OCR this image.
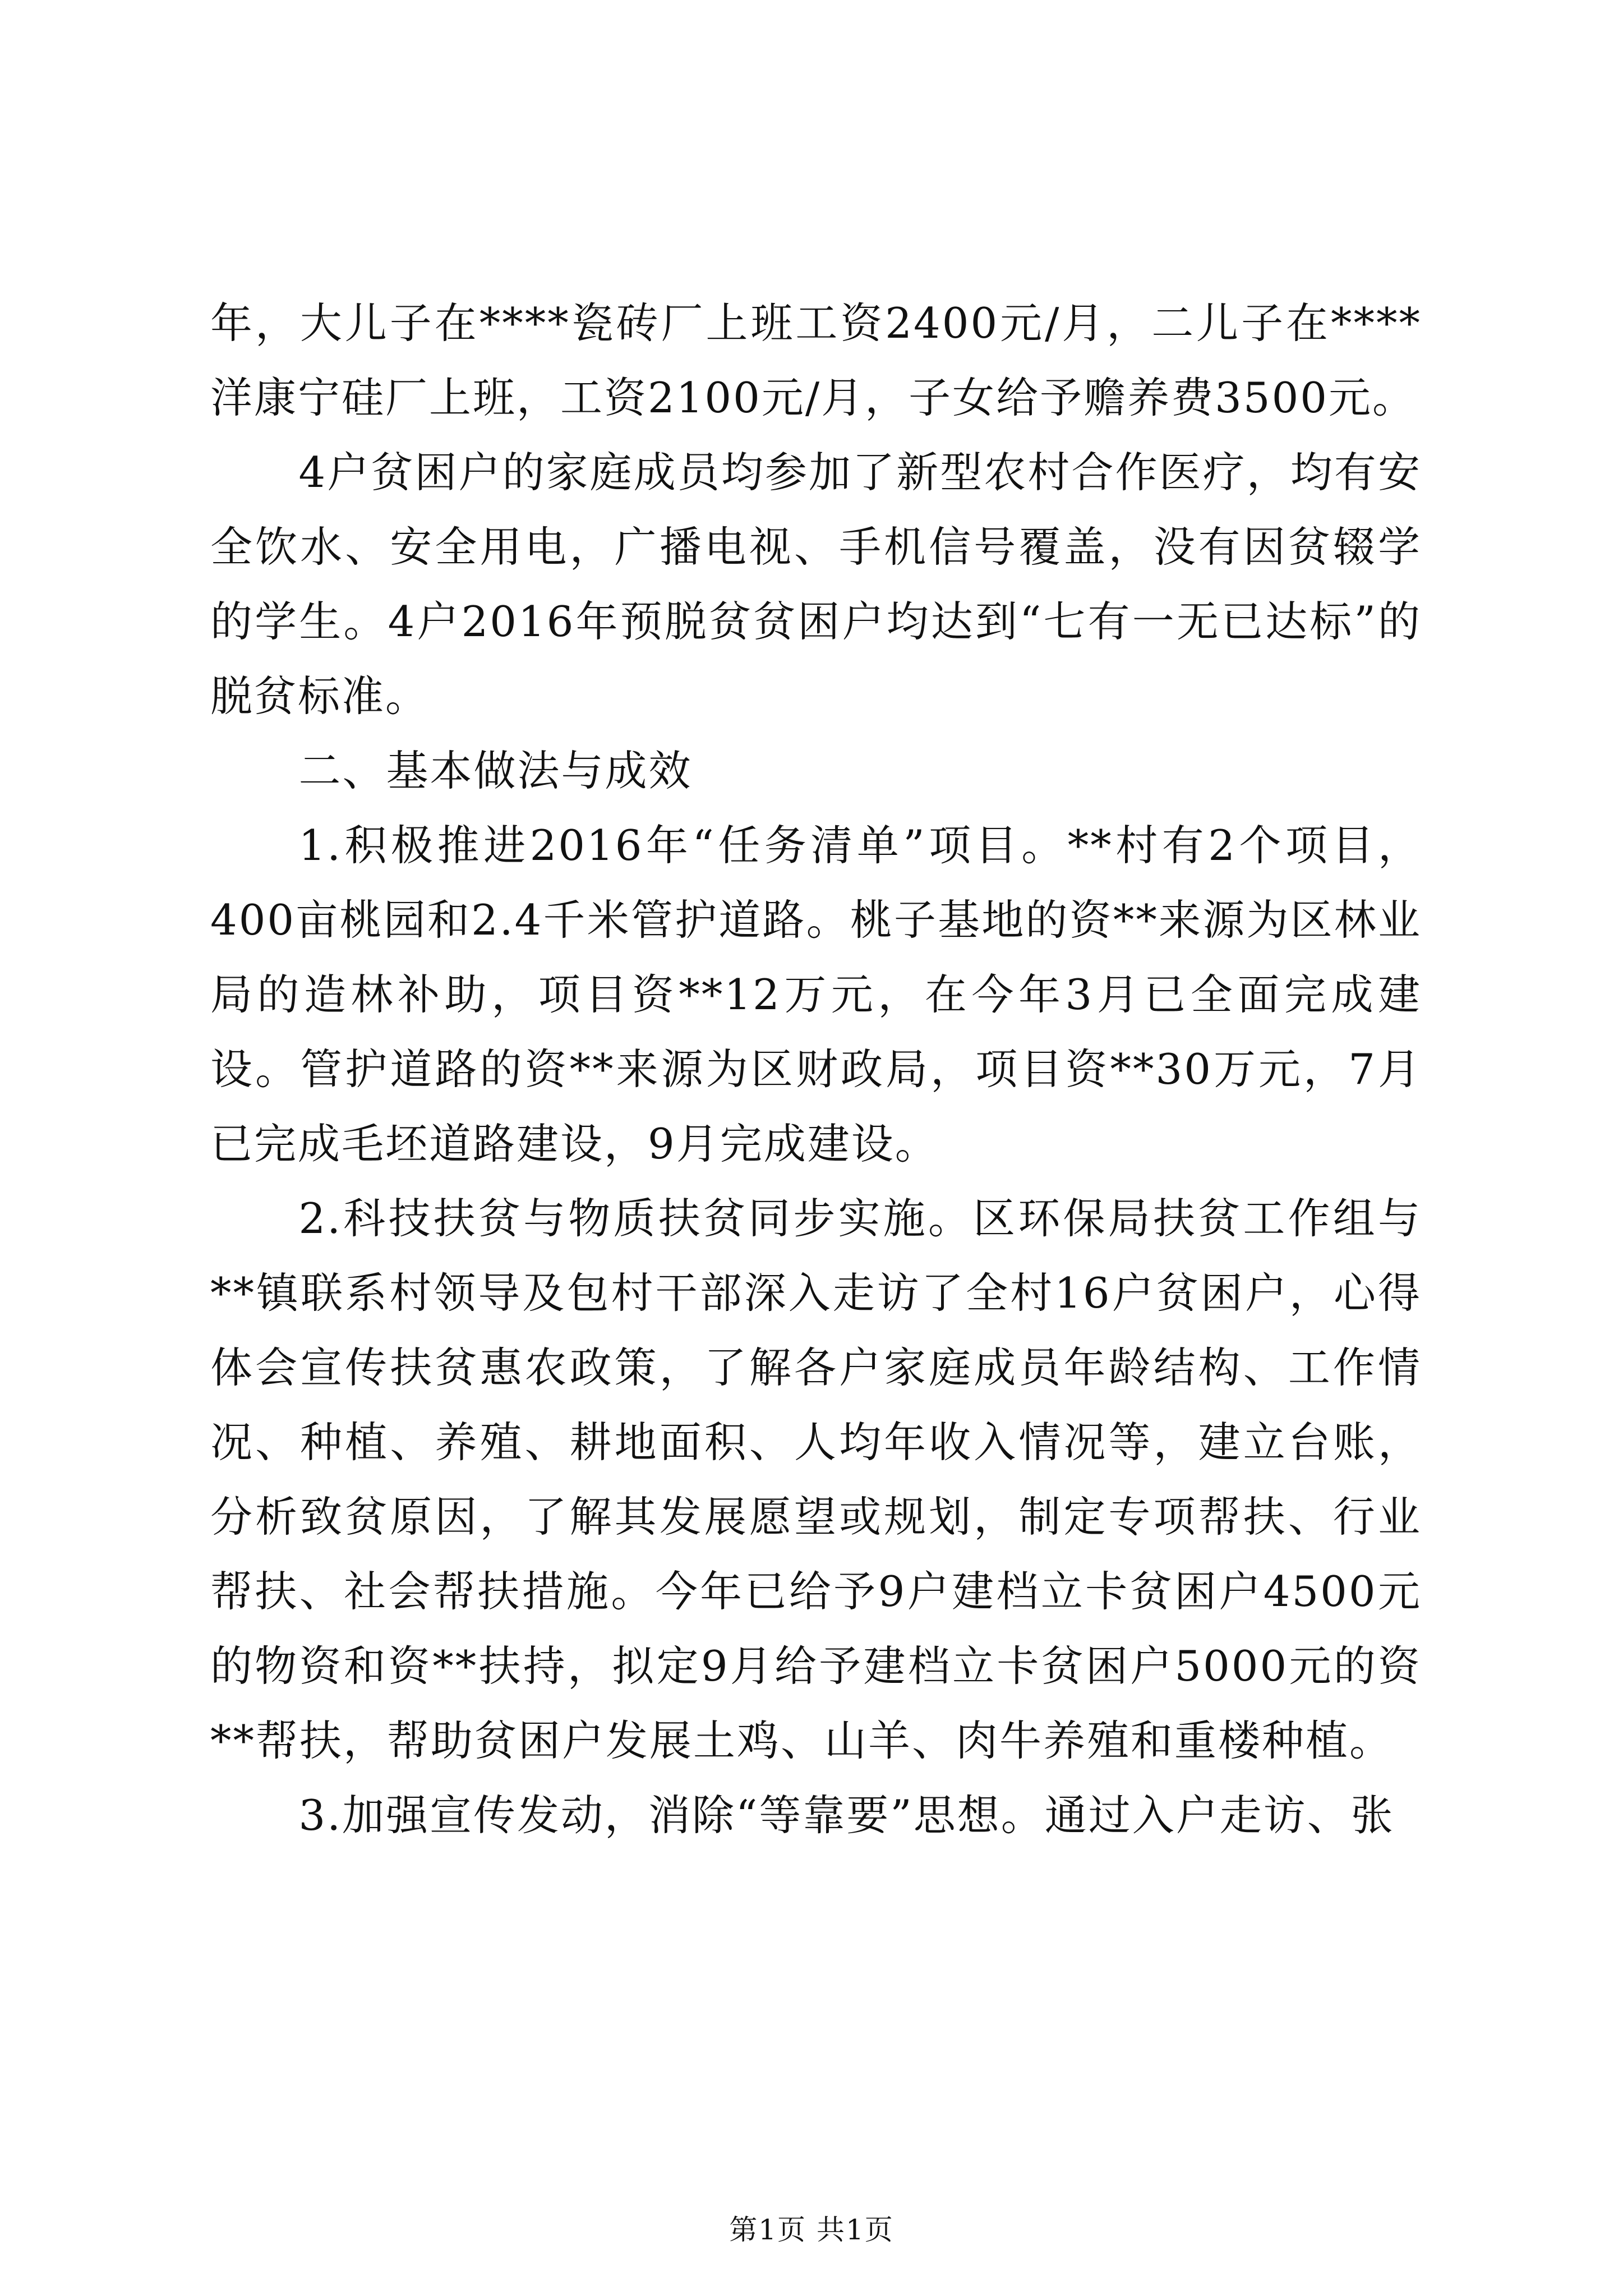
年，大儿子在****瓷砖厂上班工资2400元/月，二儿子在****洋康宁硅厂上班，工资2100元/月，子女给予赡养费3500元。

4户贫困户的家庭成员均参加了新型农村合作医疗，均有安全饮水、安全用电，广播电视、手机信号覆盖，没有因贫辍学的学生。4户2016年预脱贫贫困户均达到“七有一无已达标”的脱贫标准。

二、基本做法与成效

1.积极推进2016年“任务清单”项目。**村有2个项目，400亩桃园和2.4千米管护道路。桃子基地的资**来源为区林业局的造林补助，项目资**12万元，在今年3月已全面完成建设。管护道路的资**来源为区财政局，项目资**30万元，7月已完成毛坯道路建设，9月完成建设。

2.科技扶贫与物质扶贫同步实施。区环保局扶贫工作组与**镇联系村领导及包村干部深入走访了全村16户贫困户，心得体会宣传扶贫惠农政策，了解各户家庭成员年龄结构、工作情况、种植、养殖、耕地面积、人均年收入情况等，建立台账，分析致贫原因，了解其发展愿望或规划，制定专项帮扶、行业帮扶、社会帮扶措施。今年已给予9户建档立卡贫困户4500元的物资和资**扶持，拟定9月给予建档立卡贫困户5000元的资**帮扶，帮助贫困户发展土鸡、山羊、肉牛养殖和重楼种植。

3.加强宣传发动，消除“等靠要”思想。通过入户走访、张

第1页 共1页
